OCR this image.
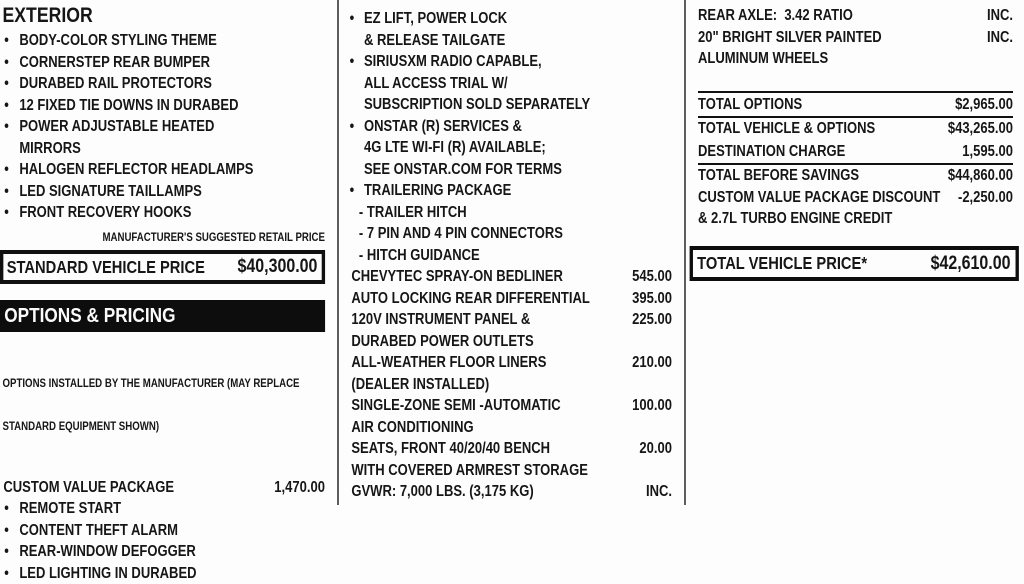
EXTERIOR
• BODY-COLOR STYLING THEME
• CORNERSTEP REAR BUMPER
• DURABED RAIL PROTECTORS
• 12 FIXED TIE DOWNS IN DURABED
• POWER ADJUSTABLE HEATED
MIRRORS
• HALOGEN REFLECTOR HEADLAMPS
• LED SIGNATURE TAILLAMPS
• FRONT RECOVERY HOOKS
MANUFACTURER'S SUGGESTED RETAIL PRICE
STANDARD VEHICLE PRICE $40,300.00
OPTIONS & PRICING

OPTIONS INSTALLED BY THE MANUFACTURER (MAY REPLACE

STANDARD EQUIPMENT SHOWN)

CUSTOM VALUE PACKAGE	1,470.00
• REMOTE START
• CONTENT THEFT ALARM
• REAR-WINDOW DEFOGGER
• LED LIGHTING IN DURABED
• EZ LIFT, POWER LOCK
& RELEASE TAILGATE
• SIRIUSXM RADIO CAPABLE,
ALL ACCESS TRIAL W/
SUBSCRIPTION SOLD SEPARATELY
• ONSTAR (R) SERVICES &
4G LTE WI-FI (R) AVAILABLE;
SEE ONSTAR.COM FOR TERMS
• TRAILERING PACKAGE
- TRAILER HITCH
- 7 PIN AND 4 PIN CONNECTORS
- HITCH GUIDANCE
CHEVYTEC SPRAY-ON BEDLINER	545.00
AUTO LOCKING REAR DIFFERENTIAL	395.00
120V INSTRUMENT PANEL &	225.00
DURABED POWER OUTLETS
ALL-WEATHER FLOOR LINERS	210.00
(DEALER INSTALLED)
SINGLE-ZONE SEMI -AUTOMATIC	100.00
AIR CONDITIONING
SEATS, FRONT 40/20/40 BENCH	20.00
WITH COVERED ARMREST STORAGE
GVWR: 7,000 LBS. (3,175 KG)	INC.
REAR AXLE:  3.42 RATIO	INC.
20" BRIGHT SILVER PAINTED	INC.
ALUMINUM WHEELS
TOTAL OPTIONS	$2,965.00
TOTAL VEHICLE & OPTIONS	$43,265.00
DESTINATION CHARGE	1,595.00
TOTAL BEFORE SAVINGS	$44,860.00
CUSTOM VALUE PACKAGE DISCOUNT -2,250.00
& 2.7L TURBO ENGINE CREDIT
TOTAL VEHICLE PRICE*	$42,610.00
